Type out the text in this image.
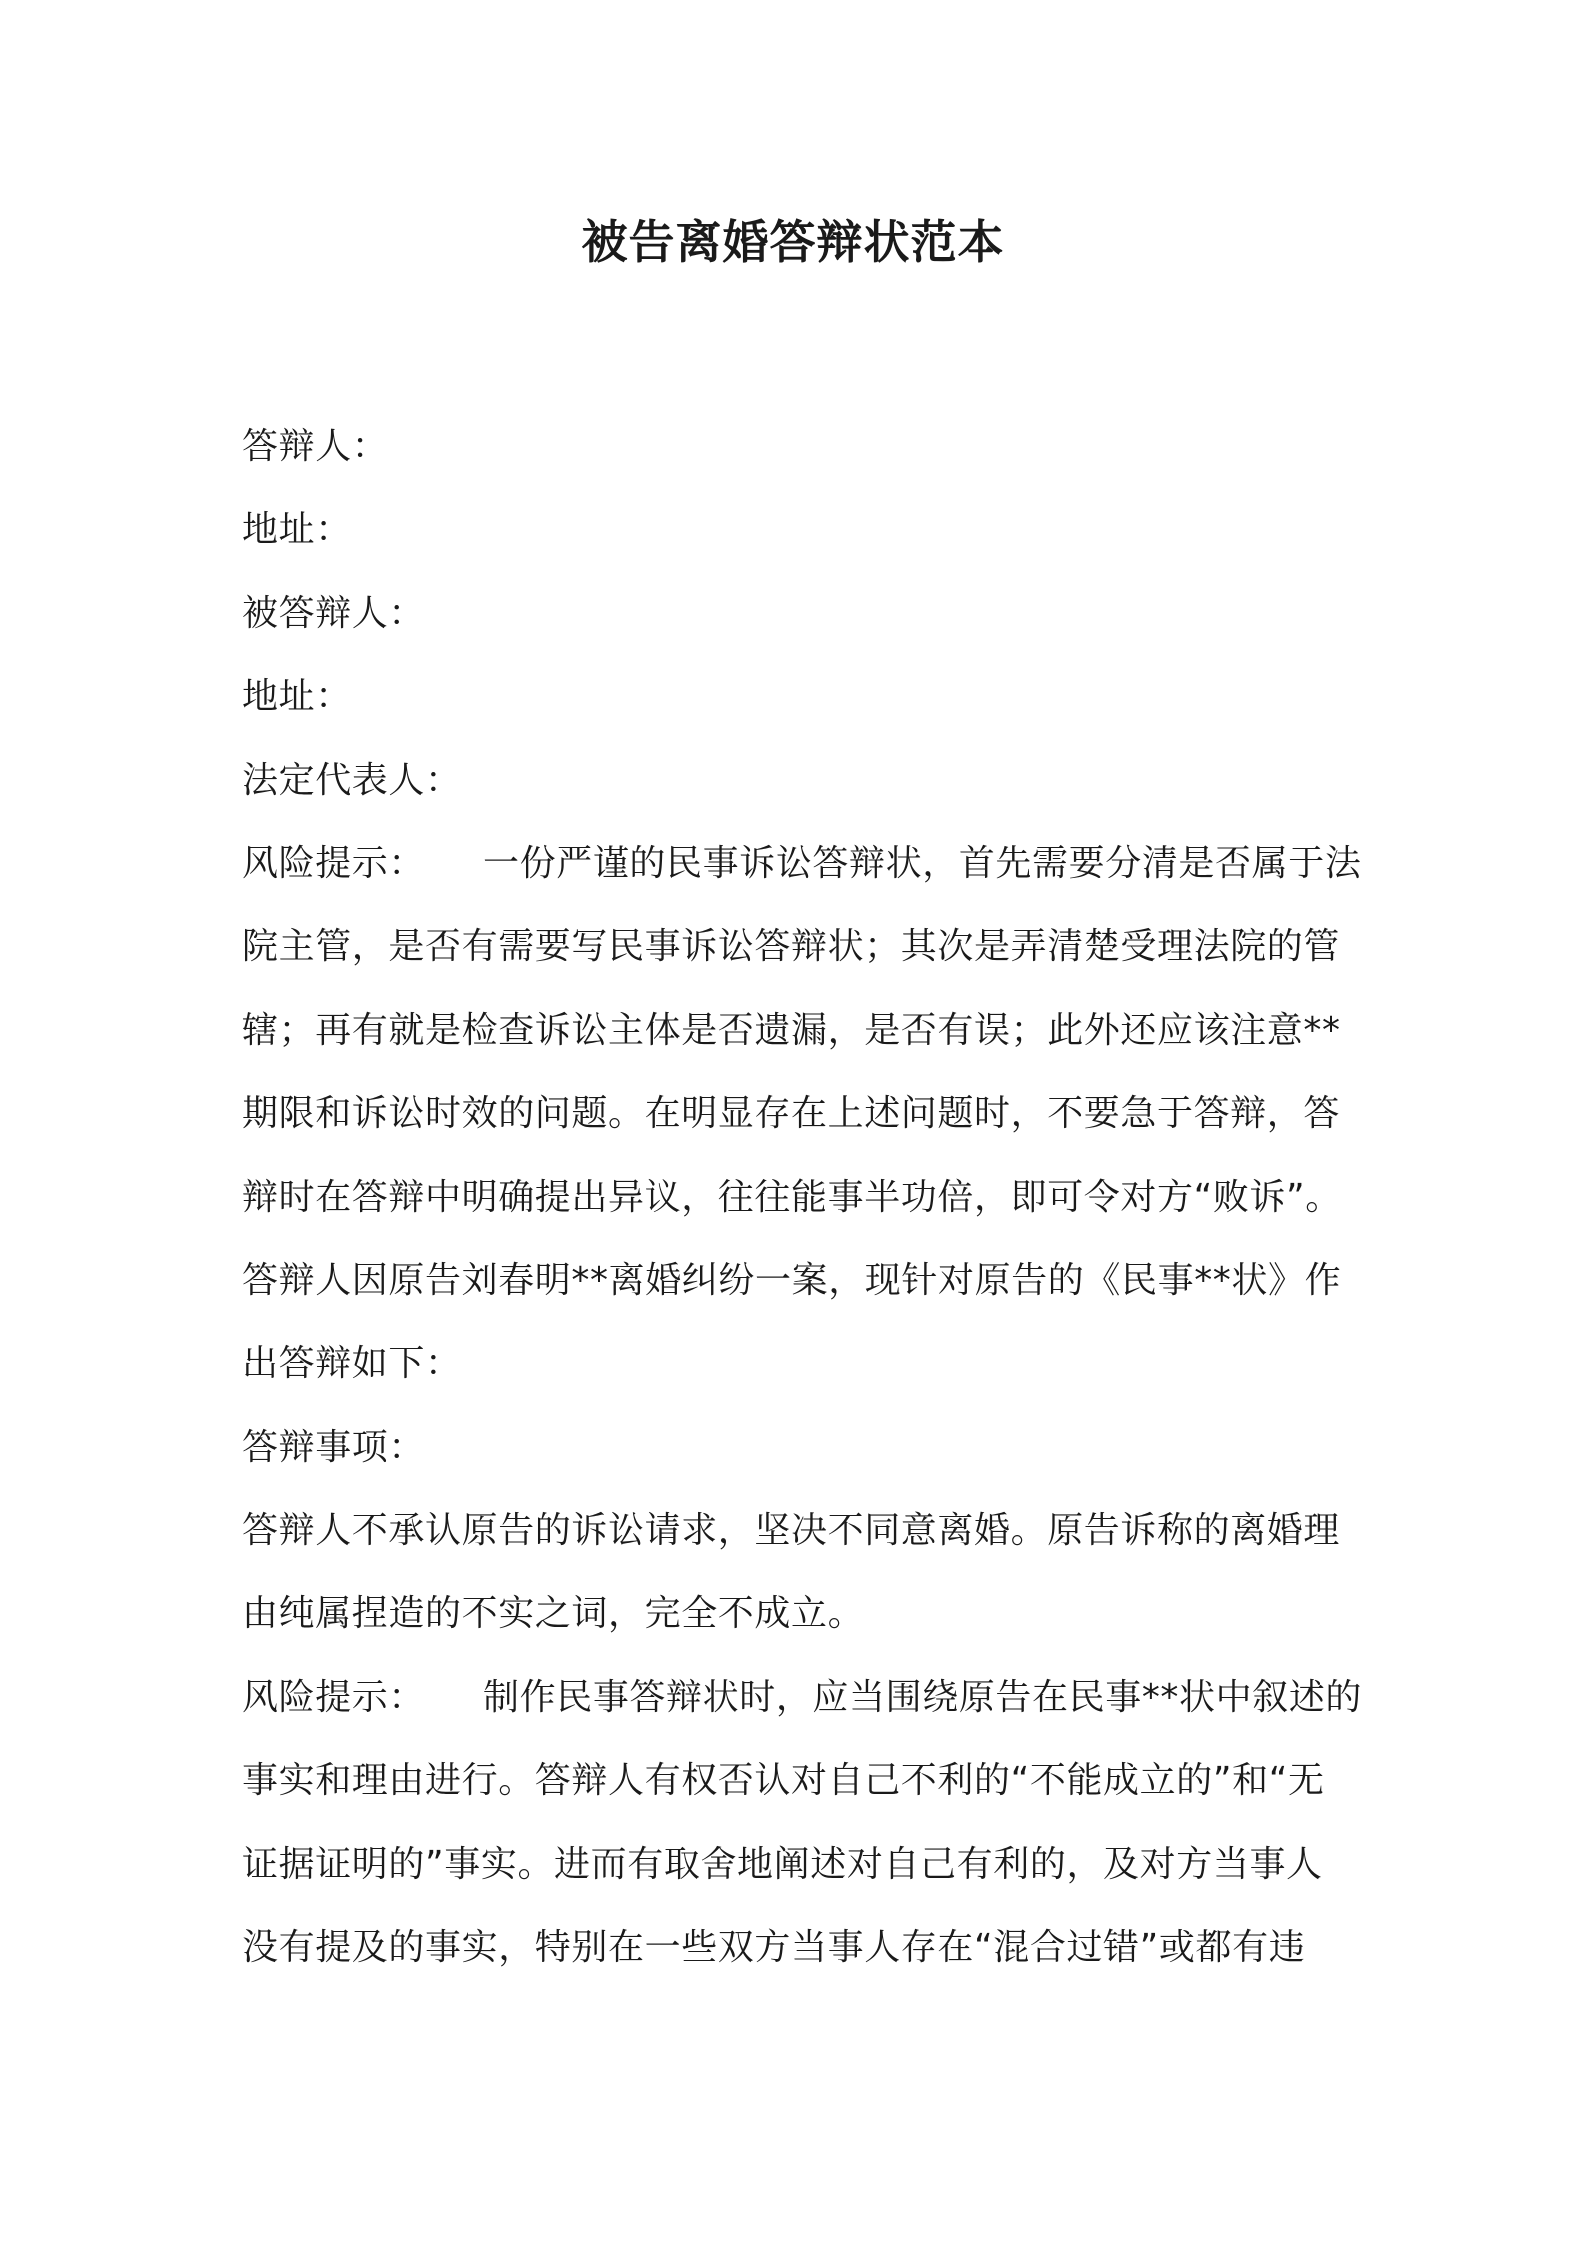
被告离婚答辩状范本

答辩人：

地址：

被答辩人：

地址：

法定代表人：

风险提示： 一份严谨的民事诉讼答辩状，首先需要分清是否属于法

院主管，是否有需要写民事诉讼答辩状；其次是弄清楚受理法院的管

辖；再有就是检查诉讼主体是否遗漏，是否有误；此外还应该注意**

期限和诉讼时效的问题。在明显存在上述问题时，不要急于答辩，答

辩时在答辩中明确提出异议，往往能事半功倍，即可令对方“败诉”。

答辩人因原告刘春明**离婚纠纷一案，现针对原告的《民事**状》作

出答辩如下：

答辩事项：

答辩人不承认原告的诉讼请求，坚决不同意离婚。原告诉称的离婚理

由纯属捏造的不实之词，完全不成立。

风险提示： 制作民事答辩状时，应当围绕原告在民事**状中叙述的

事实和理由进行。答辩人有权否认对自己不利的“不能成立的”和“无

证据证明的”事实。进而有取舍地阐述对自己有利的，及对方当事人

没有提及的事实，特别在一些双方当事人存在“混合过错”或都有违
